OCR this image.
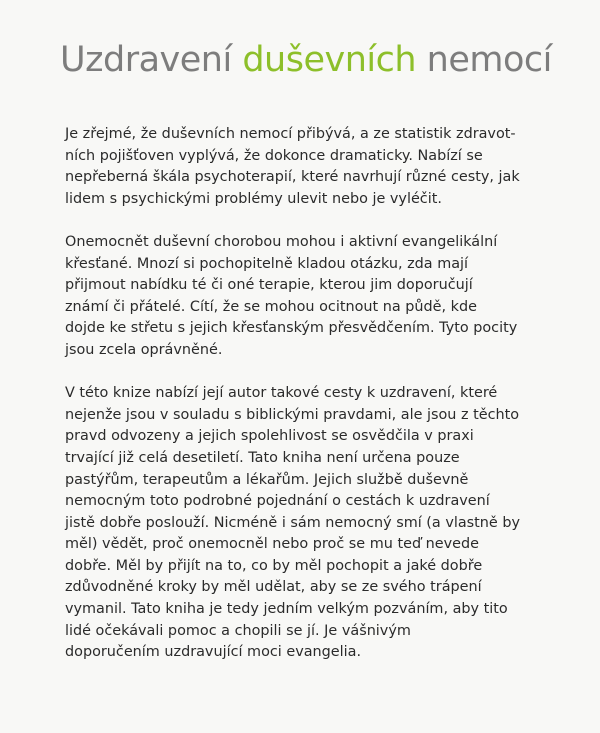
Uzdravení duševních nemocí
Je zřejmé, že duševních nemocí přibývá, a ze statistik zdravot-
ních pojišťoven vyplývá, že dokonce dramaticky. Nabízí se
nepřeberná škála psychoterapií, které navrhují různé cesty, jak
lidem s psychickými problémy ulevit nebo je vyléčit.
Onemocnět duševní chorobou mohou i aktivní evangelikální
křesťané. Mnozí si pochopitelně kladou otázku, zda mají
přijmout nabídku té či oné terapie, kterou jim doporučují
známí či přátelé. Cítí, že se mohou ocitnout na půdě, kde
dojde ke střetu s jejich křesťanským přesvědčením. Tyto pocity
jsou zcela oprávněné.
V této knize nabízí její autor takové cesty k uzdravení, které
nejenže jsou v souladu s biblickými pravdami, ale jsou z těchto
pravd odvozeny a jejich spolehlivost se osvědčila v praxi
trvající již celá desetiletí. Tato kniha není určena pouze
pastýřům, terapeutům a lékařům. Jejich službě duševně
nemocným toto podrobné pojednání o cestách k uzdravení
jistě dobře poslouží. Nicméně i sám nemocný smí (a vlastně by
měl) vědět, proč onemocněl nebo proč se mu teď nevede
dobře. Měl by přijít na to, co by měl pochopit a jaké dobře
zdůvodněné kroky by měl udělat, aby se ze svého trápení
vymanil. Tato kniha je tedy jedním velkým pozváním, aby tito
lidé očekávali pomoc a chopili se jí. Je vášnivým
doporučením uzdravující moci evangelia.
